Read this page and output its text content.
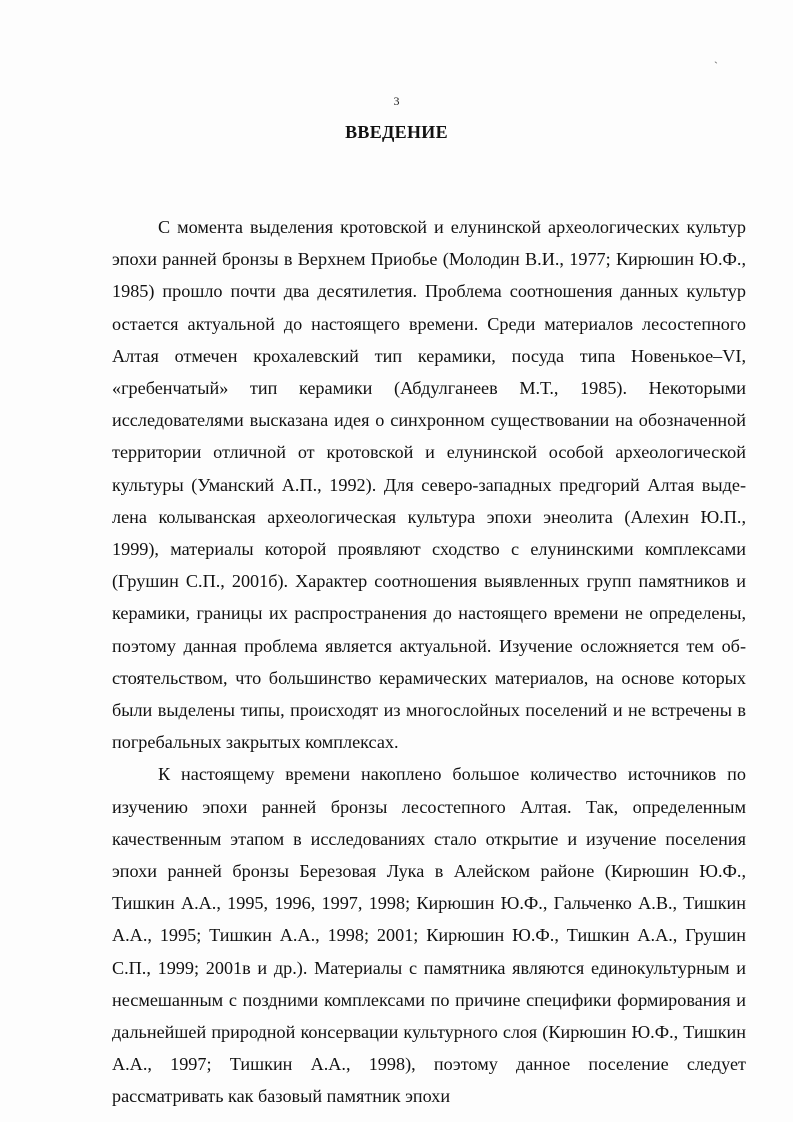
ˏ
3
ВВЕДЕНИЕ

С момента выделения кротовской и елунинской археологических культур эпохи ранней бронзы в Верхнем Приобье (Молодин В.И., 1977; Кирюшин Ю.Ф., 1985) прошло почти два десятилетия. Проблема соотношения данных культур остается актуальной до настоящего времени. Среди материалов лесостепного Алтая отмечен крохалевский тип керамики, посуда типа Новенькое–VI, «гребенчатый» тип керамики (Абдулганеев М.Т., 1985). Некоторыми исследователями высказана идея о синхронном существовании на обозначенной территории отличной от кротовской и елунинской особой археологической культуры (Уманский А.П., 1992). Для северо-западных предгорий Алтая выделена колыванская археологическая культура эпохи энеолита (Алехин Ю.П., 1999), материалы которой проявляют сходство с елунинскими комплексами (Грушин С.П., 2001б). Характер соотношения выявленных групп памятников и керамики, границы их распространения до настоящего времени не определены, поэтому данная проблема является актуальной. Изучение осложняется тем обстоятельством, что большинство керамических материалов, на основе которых были выделены типы, происходят из многослойных поселений и не встречены в погребальных закрытых комплексах.

К настоящему времени накоплено большое количество источников по изучению эпохи ранней бронзы лесостепного Алтая. Так, определенным качественным этапом в исследованиях стало открытие и изучение поселения эпохи ранней бронзы Березовая Лука в Алейском районе (Кирюшин Ю.Ф., Тишкин А.А., 1995, 1996, 1997, 1998; Кирюшин Ю.Ф., Гальченко А.В., Тишкин А.А., 1995; Тишкин А.А., 1998; 2001; Кирюшин Ю.Ф., Тишкин А.А., Грушин С.П., 1999; 2001в и др.). Материалы с памятника являются единокультурным и несмешанным с поздними комплексами по причине специфики формирования и дальнейшей природной консервации культурного слоя (Кирюшин Ю.Ф., Тишкин А.А., 1997; Тишкин А.А., 1998), поэтому данное поселение следует рассматривать как базовый памятник эпохи
